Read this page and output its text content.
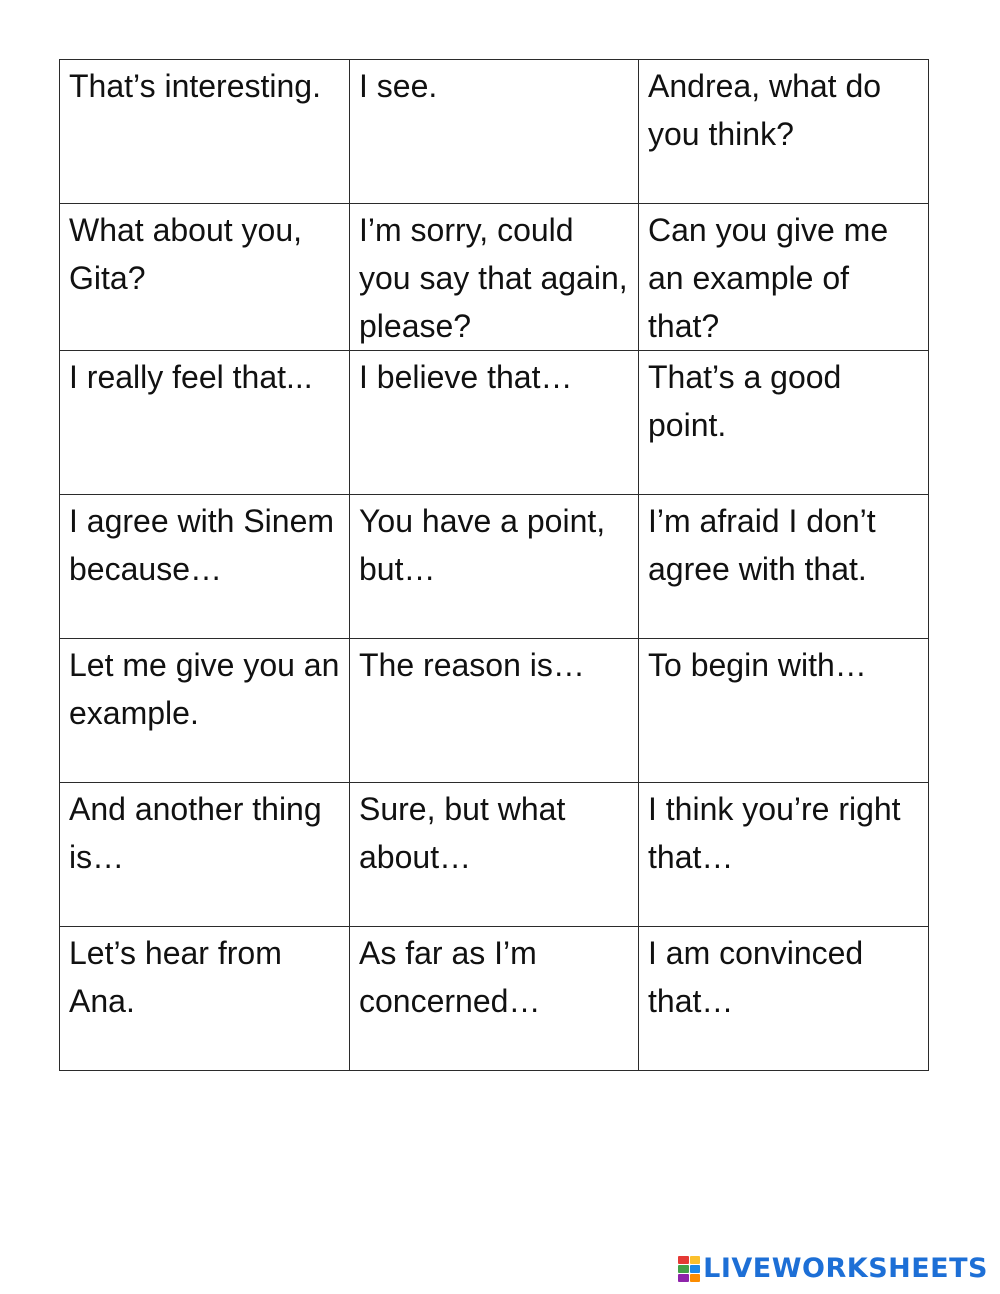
That’s interesting.	I see.	Andrea, what do you think?

What about you, Gita?	I’m sorry, could you say that again, please?	Can you give me an example of that?

I really feel that...	I believe that…	That’s a good point.

I agree with Sinem because…	You have a point, but…	I’m afraid I don’t agree with that.

Let me give you an example.	The reason is…	To begin with…

And another thing is…	Sure, but what about…	I think you’re right that…

Let’s hear from Ana.	As far as I’m concerned…	I am convinced that…
LIVEWORKSHEETS
